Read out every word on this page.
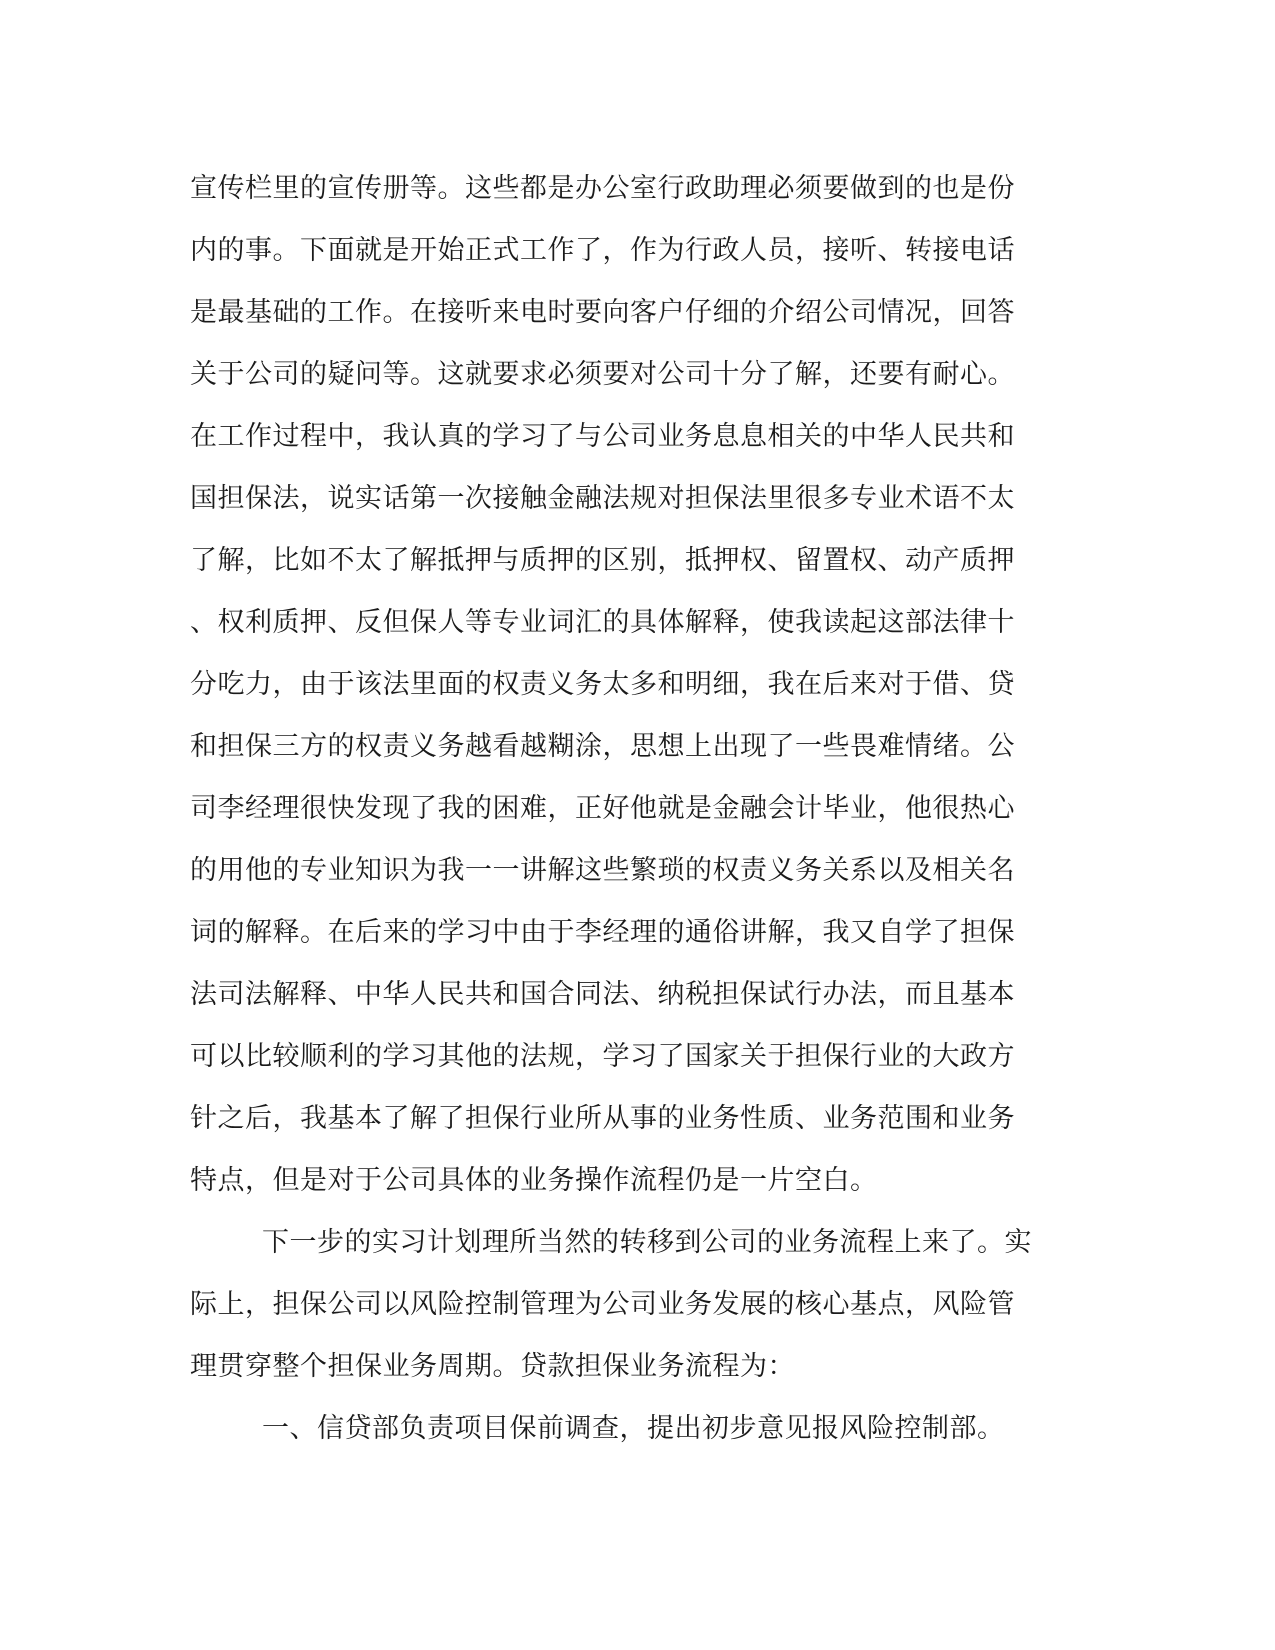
宣传栏里的宣传册等。这些都是办公室行政助理必须要做到的也是份
内的事。下面就是开始正式工作了，作为行政人员，接听、转接电话
是最基础的工作。在接听来电时要向客户仔细的介绍公司情况，回答
关于公司的疑问等。这就要求必须要对公司十分了解，还要有耐心。
在工作过程中，我认真的学习了与公司业务息息相关的中华人民共和
国担保法，说实话第一次接触金融法规对担保法里很多专业术语不太
了解，比如不太了解抵押与质押的区别，抵押权、留置权、动产质押
、权利质押、反但保人等专业词汇的具体解释，使我读起这部法律十
分吃力，由于该法里面的权责义务太多和明细，我在后来对于借、贷
和担保三方的权责义务越看越糊涂，思想上出现了一些畏难情绪。公
司李经理很快发现了我的困难，正好他就是金融会计毕业，他很热心
的用他的专业知识为我一一讲解这些繁琐的权责义务关系以及相关名
词的解释。在后来的学习中由于李经理的通俗讲解，我又自学了担保
法司法解释、中华人民共和国合同法、纳税担保试行办法，而且基本
可以比较顺利的学习其他的法规，学习了国家关于担保行业的大政方
针之后，我基本了解了担保行业所从事的业务性质、业务范围和业务
特点，但是对于公司具体的业务操作流程仍是一片空白。
下一步的实习计划理所当然的转移到公司的业务流程上来了。实
际上，担保公司以风险控制管理为公司业务发展的核心基点，风险管
理贯穿整个担保业务周期。贷款担保业务流程为：
一、信贷部负责项目保前调查，提出初步意见报风险控制部。
